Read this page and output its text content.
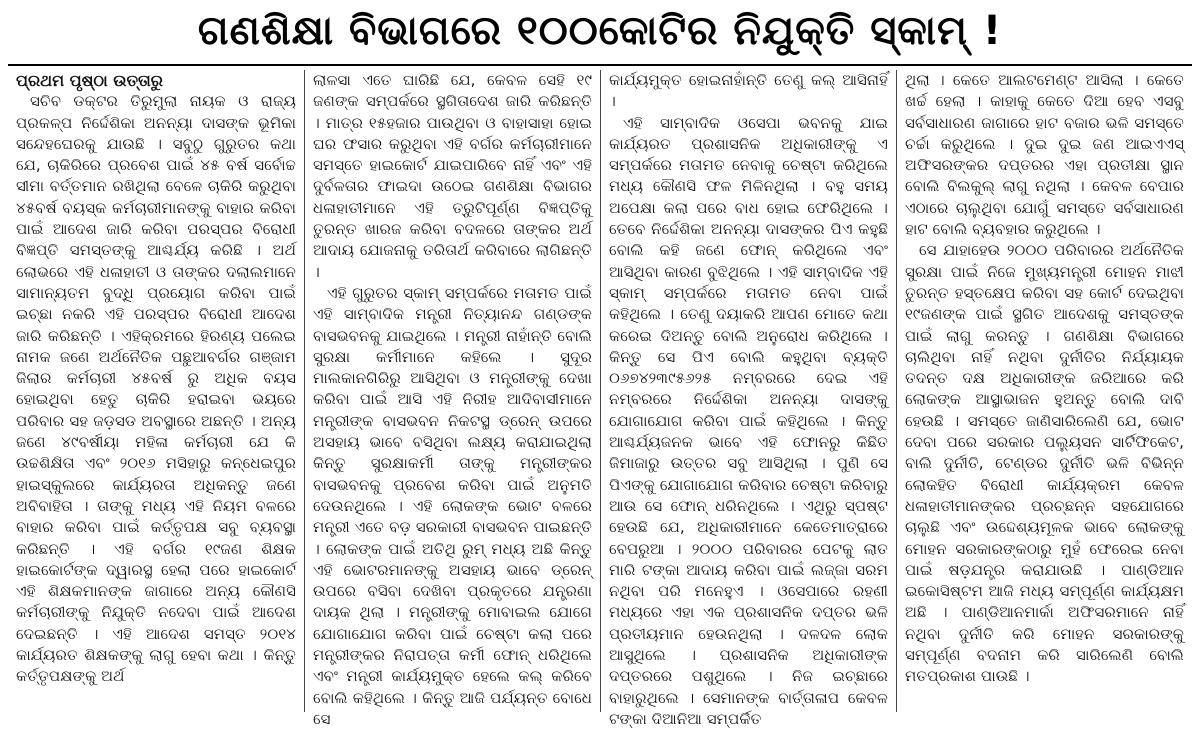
ଗଣଶିକ୍ଷା ବିଭାଗରେ ୧୦୦କୋଟିର ନିଯୁକ୍ତି ସ୍କାମ୍ !

ପ୍ରଥମ ପୃଷ୍ଠା ଉତ୍ତାରୁ

ସଚିବ ଡକ୍ଟର ତିରୁମୁଲା ନାୟକ ଓ ରାଜ୍ୟ ପ୍ରକଳ୍ପ ନିର୍ଦ୍ଦେଶିକା ଅନନ୍ୟା ଦାସଙ୍କ ଭୂମିକା ସନ୍ଦେହଘେରକୁ ଯାଉଛି । ସବୁଠୁ ଗୁରୁତର କଥା ଯେ, ଚାକିରିରେ ପ୍ରବେଶ ପାଇଁ ୪୫ ବର୍ଷ ସର୍ବୋଚ୍ଚ ସୀମା ବର୍ତ୍ତମାନ ରଖିଥିଲା ବେଳେ ଚାକିରି କରୁଥିବା ୪୫ବର୍ଷ ବୟସ୍କ କର୍ମଚାରୀମାନଙ୍କୁ ବାହାର କରିବା ପାଇଁ ଆଦେଶ ଜାରି କରିବା ପରସ୍ପର ବିରୋଧୀ ବିଜ୍ଞପ୍ତି ସମସ୍ତଙ୍କୁ ଆଶ୍ଚର୍ଯ୍ୟ କରିଛି । ଅର୍ଥ ଲୋଭରେ ଏହି ଧଳାହାତୀ ଓ ତାଙ୍କର ଦଲାଲମାନେ ସାମାନ୍ୟତମ ବୁଦ୍ଧି ପ୍ରୟୋଗ କରିବା ପାଇଁ ଇଚ୍ଛା ନକରି ଏହି ପରସ୍ପର ବିରୋଧୀ ଆଦେଶ ଜାରି କରିଛନ୍ତି । ଏହିକ୍ରମରେ ହିରଣ୍ୟ ପଲେଇ ନାମକ ଜଣେ ଅର୍ଥନୈତିକ ପଛୁଆବର୍ଗର ଗଞ୍ଜାମ ଜିଲାର କର୍ମଚାରୀ ୪୫ବର୍ଷ ରୁ ଅଧିକ ବୟସ ହୋଇଥିବା ହେତୁ ଚାକିରି ହରାଇବା ଭୟରେ ପରିବାର ସହ ଜଡ଼ସଡ ଅବସ୍ଥାରେ ଅଛନ୍ତି । ଅନ୍ୟ ଜଣେ ୪୯ବର୍ଷୀୟା ମହିଳା କର୍ମଚାରୀ ଯେ କି ଉଚ୍ଚଶିକ୍ଷିତା ଏବଂ ୨୦୧୬ ମସିହାରୁ କନ୍ଧେଇପୁର ହାଇସ୍କୁଲରେ କାର୍ଯ୍ୟରତା ଅଧିକନ୍ତୁ ଜଣେ ଅବିବାହିତା । ତାଙ୍କୁ ମଧ୍ୟ ଏହି ନିୟମ ବଳରେ ବାହାର କରିବା ପାଇଁ କର୍ତ୍ତୃପକ୍ଷ ସବୁ ବ୍ୟବସ୍ଥା କରିଛନ୍ତି । ଏହି ବର୍ଗର ୧୯ଜଣ ଶିକ୍ଷକ ହାଇକୋର୍ଟଙ୍କ ଦ୍ୱାରସ୍ଥ ହେଲା ପରେ ହାଇକୋର୍ଟ ଏହି ଶିକ୍ଷକମାନଙ୍କ ଜାଗାରେ ଅନ୍ୟ କୌଣସି କର୍ମଚାରୀଙ୍କୁ ନିଯୁକ୍ତି ନଦେବା ପାଇଁ ଆଦେଶ ଦେଇଛନ୍ତି । ଏହି ଆଦେଶ ସମସ୍ତ ୨୦୧୪ କାର୍ଯ୍ୟରତ ଶିକ୍ଷକଙ୍କୁ ଲାଗୁ ହେବା କଥା । କିନ୍ତୁ କର୍ତ୍ତୃପକ୍ଷଙ୍କୁ ଅର୍ଥ

ଲାଳସା ଏତେ ଘାରିଛି ଯେ, କେବଳ ସେହି ୧୯ ଜଣଙ୍କ ସମ୍ପର୍କରେ ସ୍ଥଗିତାଦେଶ ଜାରି କରିଛନ୍ତି । ମାତ୍ର ୧୫ହଜାର ପାଉଥିବା ଓ ବାହାସାହା ହୋଇ ଘର ଫସାର କରୁଥିବା ଏହି ବର୍ଗର କର୍ମଚାରୀମାନେ ସମସ୍ତେ ହାଇକୋର୍ଟ ଯାଇପାରିବେ ନାହିଁ ଏବଂ ଏହି ଦୁର୍ବଳତାର ଫାଇଦା ଉଠେଇ ଗଣଶିକ୍ଷା ବିଭାଗର ଧଳାହାତୀମାନେ ଏହି ତ୍ରୁଟିପୂର୍ଣ୍ଣ ବିଜ୍ଞପ୍ତିକୁ ତୁରନ୍ତ ଖାରଜ କରିବା ବଦଳରେ ତାଙ୍କର ଅର୍ଥ ଆଦାୟ ଯୋଜନାକୁ ତରିତାର୍ଥ କରିବାରେ ଲାଗିଛନ୍ତି ।

ଏହି ଗୁରୁତର ସ୍କାମ୍ ସମ୍ପର୍କରେ ମତାମତ ପାଇଁ ଏହି ସାମ୍ବାଦିକ ମନ୍ତ୍ରୀ ନିତ୍ୟାନନ୍ଦ ଗଣ୍ଡଙ୍କ ବାସଭବନକୁ ଯାଇଥିଲେ । ମନ୍ତ୍ରୀ ନାହାଁନ୍ତି ବୋଲି ସୁରକ୍ଷା କର୍ମୀମାନେ କହିଲେ । ସୁଦୂର ମାଲକାନଗିରିରୁ ଆସିଥିବା ଓ ମନ୍ତ୍ରୀଙ୍କୁ ଦେଖା କରିବା ପାଇଁ ଆସି ଏହି ନିରୀହ ଆଦିବାସୀମାନେ ମନ୍ତ୍ରୀଙ୍କ ବାସଭବନ ନିକଟସ୍ଥ ଡ୍ରେନ୍ ଉପରେ ଅସହାୟ ଭାବେ ବସିଥିବା ଲକ୍ଷ୍ୟ କରାଯାଇଥିଲା କିନ୍ତୁ ସୁରକ୍ଷାକର୍ମୀ ତାଙ୍କୁ ମନ୍ତ୍ରୀଙ୍କର ବାସଭବନକୁ ପ୍ରବେଶ କରିବା ପାଇଁ ଅନୁମତି ଦେଉନଥିଲେ । ଏହି ଲୋକଙ୍କ ଭୋଟ ବଳରେ ମନ୍ତ୍ରୀ ଏତେ ବଡ଼ ସରକାରୀ ବାସଭବନ ପାଇଛନ୍ତି । ଲୋକଙ୍କ ପାଇଁ ଅତିଥି ରୁମ୍ ମଧ୍ୟ ଅଛି କିନ୍ତୁ ଏହି ଭୋଟରମାନଙ୍କୁ ଅସହାୟ ଭାବେ ଡ୍ରେନ୍ ଉପରେ ବସିବା ଦେଖିବା ପ୍ରକୃତରେ ଯନ୍ତ୍ରଣା ଦାୟକ ଥିଲା । ମନ୍ତ୍ରୀଙ୍କୁ ମୋବାଇଲ ଯୋଗେ ଯୋଗାଯୋଗ କରିବା ପାଇଁ ଚେଷ୍ଟା କଲା ପରେ ମନ୍ତ୍ରୀଙ୍କର ନିରାପତ୍ତା କର୍ମୀ ଫୋନ୍ ଧରିଥିଲେ ଏବଂ ମନ୍ତ୍ରୀ କାର୍ଯ୍ୟମୁକ୍ତ ହେଲେ କଲ୍ କରିବେ ବୋଲି କହିଥିଲେ । କିନ୍ତୁ ଆଜି ପର୍ଯ୍ୟନ୍ତ ବୋଧେ ସେ

କାର୍ଯ୍ୟମୁକ୍ତ ହୋଇନାହାଁନ୍ତି ତେଣୁ କଲ୍ ଆସିନାହିଁ ।

ଏହି ସାମ୍ବାଦିକ ଓସେପା ଭବନକୁ ଯାଇ କାର୍ଯ୍ୟରତ ପ୍ରଶାସନିକ ଅଧିକାରୀଙ୍କୁ ଏ ସମ୍ପର୍କରେ ମତାମତ ନେବାକୁ ଚେଷ୍ଟା କରିଥିଲେ ମଧ୍ୟ କୌଣସି ଫଳ ମିଳିନଥିଲା । ବହୁ ସମୟ ଅପେକ୍ଷା କଲା ପରେ ବାଧ ହୋଇ ଫେରିଥିଲେ । ତେବେ ନିର୍ଦ୍ଦେଶିକା ଅନନ୍ୟା ଦାସଙ୍କର ପିଏ କହୁଛି ବୋଲି କହି ଜଣେ ଫୋନ୍ କରିଥିଲେ ଏବଂ ଆସିଥିବା କାରଣ ବୁଝିଥିଲେ । ଏହି ସାମ୍ବାଦିକ ଏହି ସ୍କାମ୍ ସମ୍ପର୍କରେ ମତାମତ ନେବା ପାଇଁ କହିଥିଲେ । ତେଣୁ ଦୟାକରି ଆପଣ ମୋତେ କଥା କରେଇ ଦିଅନ୍ତୁ ବୋଲି ଅନୁରୋଧ କରିଥିଲେ । କିନ୍ତୁ ସେ ପିଏ ବୋଲି କହୁଥିବା ବ୍ୟକ୍ତି ୦୬୭୪୨୩୯୫୬୨୫ ନମ୍ବରରେ ଦେଇ ଏହି ନମ୍ବରରେ ନିର୍ଦ୍ଦେଶିକା ଅନନ୍ୟା ଦାସଙ୍କୁ ଯୋଗାଯୋଗ କରିବା ପାଇଁ କହିଥିଲେ । କିନ୍ତୁ ଆଶ୍ଚର୍ଯ୍ୟଜନକ ଭାବେ ଏହି ଫୋନରୁ କିଛିତ ଜିମାଜାରୁ ଉତ୍ତର ସବୁ ଆସିଥିଲା । ପୁଣି ସେ ପିଏଙ୍କୁ ଯୋଗାଯୋଗ କରିବାର ଚେଷ୍ଟା କରିବାରୁ ଆଉ ସେ ଫୋନ୍ ଧରିନଥିଲେ । ଏଥିରୁ ସ୍ପଷ୍ଟ ହେଉଛି ଯେ, ଅଧିକାରୀମାନେ କେତେମାତ୍ରାରେ ବେପରୁଆ । ୨୦୦୦ ପରିବାରର ପେଟକୁ ଲାତ ମାରି ଟଙ୍କା ଆଦାୟ କରିବା ପାଇଁ ଲଜ୍ଜା ସରମ ନଥିବା ପରି ମନେହୁଏ । ଓସେପାରେ ରହଣୀ ମଧ୍ୟରେ ଏହା ଏକ ପ୍ରଶାସନିକ ଦପ୍ତର ଭଳି ପ୍ରତୀୟମାନ ହେଉନଥିଲା । ଦଳଦଳ ଲୋକ ଆସୁଥିଲେ । ପ୍ରଶାସନିକ ଅଧିକାରୀଙ୍କ ଦପ୍ତରରେ ପଶୁଥିଲେ । ନିଜ ଇଚ୍ଛାରେ ବାହାରୁଥିଲେ । ସେମାନଙ୍କ ବାର୍ତ୍ତାଳାପ କେବଳ ଟଙ୍କା ଦିଆନିଆ ସମ୍ପର୍କିତ

ଥିଲା । କେତେ ଆଲଟମେଣ୍ଟ ଆସିଲା । କେତେ ଖର୍ଚ୍ଚ ହେଲା । କାହାକୁ କେତେ ଦିଆ ହେବ ଏସବୁ ସର୍ବସାଧାରଣ ଜାଗାରେ ହାଟ ବଜାର ଭଳି ସମସ୍ତେ ଚର୍ଚ୍ଚା କରୁଥିଲେ । ଦୁଇ ଦୁଇ ଜଣ ଆଇଏଏସ୍ ଅଫିସରଙ୍କର ଦପ୍ତରର ଏହା ପ୍ରତୀକ୍ଷା ସ୍ଥାନ ବୋଲି ବିଲକୁଲ୍ ଲାଗୁ ନଥିଲା । କେବଳ ବେପାର ଏଠାରେ ଚାଲୁଥିବା ଯୋଗୁଁ ସମସ୍ତେ ସର୍ବସାଧାରଣ ହାଟ ବୋଲି ବ୍ୟବହାର କରୁଥିଲେ ।

ସେ ଯାହାହେଉ ୨୦୦୦ ପରିବାରର ଅର୍ଥନୈତିକ ସୁରକ୍ଷା ପାଇଁ ନିଜେ ମୁଖ୍ୟମନ୍ତ୍ରୀ ମୋହନ ମାଝୀ ତୁରନ୍ତ ହସ୍ତକ୍ଷେପ କରିବା ସହ କୋର୍ଟ ଦେଇଥିବା ୧୯ଜଣଙ୍କ ପାଇଁ ସ୍ଥଗିତ ଆଦେଶକୁ ସମସ୍ତଙ୍କ ପାଇଁ ଲାଗୁ କରନ୍ତୁ । ଗଣଶିକ୍ଷା ବିଭାଗରେ ଚାଲିଥିବା ନାହିଁ ନଥିବା ଦୁର୍ନୀତିର ନିର୍ଯ୍ୟାୟକ ତଦନ୍ତ ଦକ୍ଷ ଅଧିକାରୀଙ୍କ ଜରିଆରେ କରି ଲୋକଙ୍କ ଆସ୍ଥାଭାଜନ ହୁଅନ୍ତୁ ବୋଲି ଦାବି ହେଉଛି । ସମସ୍ତେ ଜାଣିସାରିଲେଣି ଯେ, ଭୋଟ ଦେବା ପରେ ସରକାର ପଲ୍ୟୁସନ ସାର୍ଟିଫିକେଟ, ବାଲି ଦୁର୍ନୀତି, ଟେଣ୍ଡର ଦୁର୍ନୀତି ଭଳି ବିଭିନ୍ନ ଲୋକହିତ ବିରୋଧୀ କାର୍ଯ୍ୟକ୍ରମ କେବଳ ଧଳାହାତୀମାନଙ୍କର ପ୍ରଚ୍ଛନ୍ନ ସହଯୋଗରେ ଚାଲୁଛି ଏବଂ ଉଦ୍ଦେଶ୍ୟମୂଳକ ଭାବେ ଲୋକଙ୍କୁ ମୋହନ ସରକାରଙ୍କଠାରୁ ମୁହଁ ଫେରେଇ ନେବା ପାଇଁ ଷଡ଼ଯନ୍ତ୍ର କରାଯାଉଛି । ପାଣ୍ଡିଆନ ଇକୋସିଷ୍ଟମ ଆଜି ମଧ୍ୟ ସମ୍ପୂର୍ଣ୍ଣ କାର୍ଯ୍ୟକ୍ଷମ ଅଛି । ପାଣ୍ଡିଆନମାର୍କା ଅଫିସରମାନେ ନାହିଁ ନଥିବା ଦୁର୍ନୀତି କରି ମୋହନ ସରକାରଙ୍କୁ ସମ୍ପୂର୍ଣ୍ଣ ବଦନାମ କରି ସାରିଲେଣି ବୋଲି ମତପ୍ରକାଶ ପାଉଛି ।
